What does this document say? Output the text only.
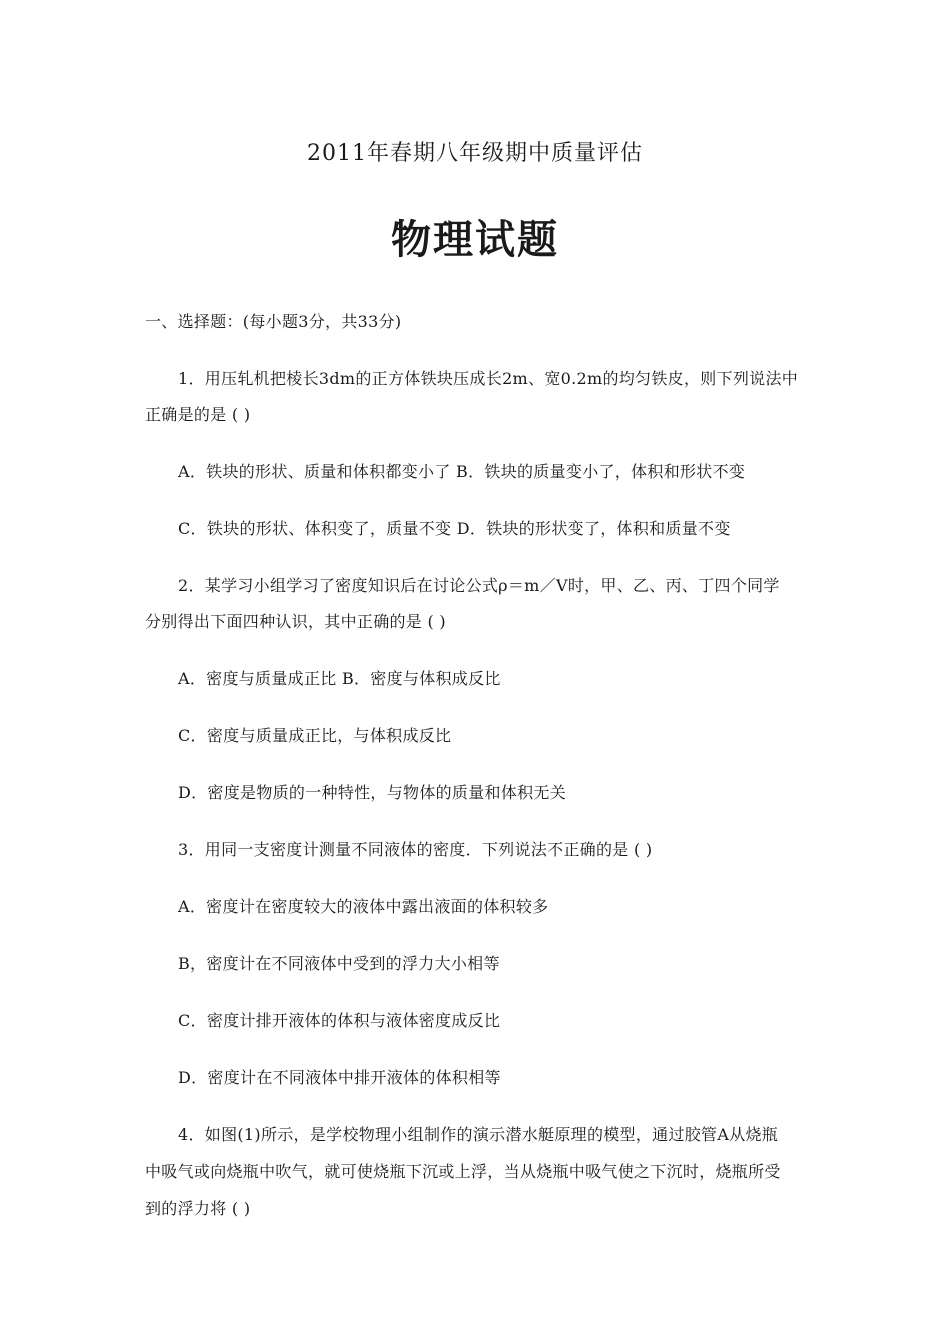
2011年春期八年级期中质量评估
物理试题
一、选择题：(每小题3分，共33分)
1．用压轧机把棱长3dm的正方体铁块压成长2m、宽0.2m的均匀铁皮，则下列说法中
正确是的是 ( )
A．铁块的形状、质量和体积都变小了 B．铁块的质量变小了，体积和形状不变
C．铁块的形状、体积变了，质量不变 D．铁块的形状变了，体积和质量不变
2．某学习小组学习了密度知识后在讨论公式ρ＝m／V时，甲、乙、丙、丁四个同学
分别得出下面四种认识，其中正确的是 ( )
A．密度与质量成正比 B．密度与体积成反比
C．密度与质量成正比，与体积成反比
D．密度是物质的一种特性，与物体的质量和体积无关
3．用同一支密度计测量不同液体的密度．下列说法不正确的是 ( )
A．密度计在密度较大的液体中露出液面的体积较多
B，密度计在不同液体中受到的浮力大小相等
C．密度计排开液体的体积与液体密度成反比
D．密度计在不同液体中排开液体的体积相等
4．如图(1)所示，是学校物理小组制作的演示潜水艇原理的模型，通过胶管A从烧瓶
中吸气或向烧瓶中吹气，就可使烧瓶下沉或上浮，当从烧瓶中吸气使之下沉时，烧瓶所受
到的浮力将 ( )
